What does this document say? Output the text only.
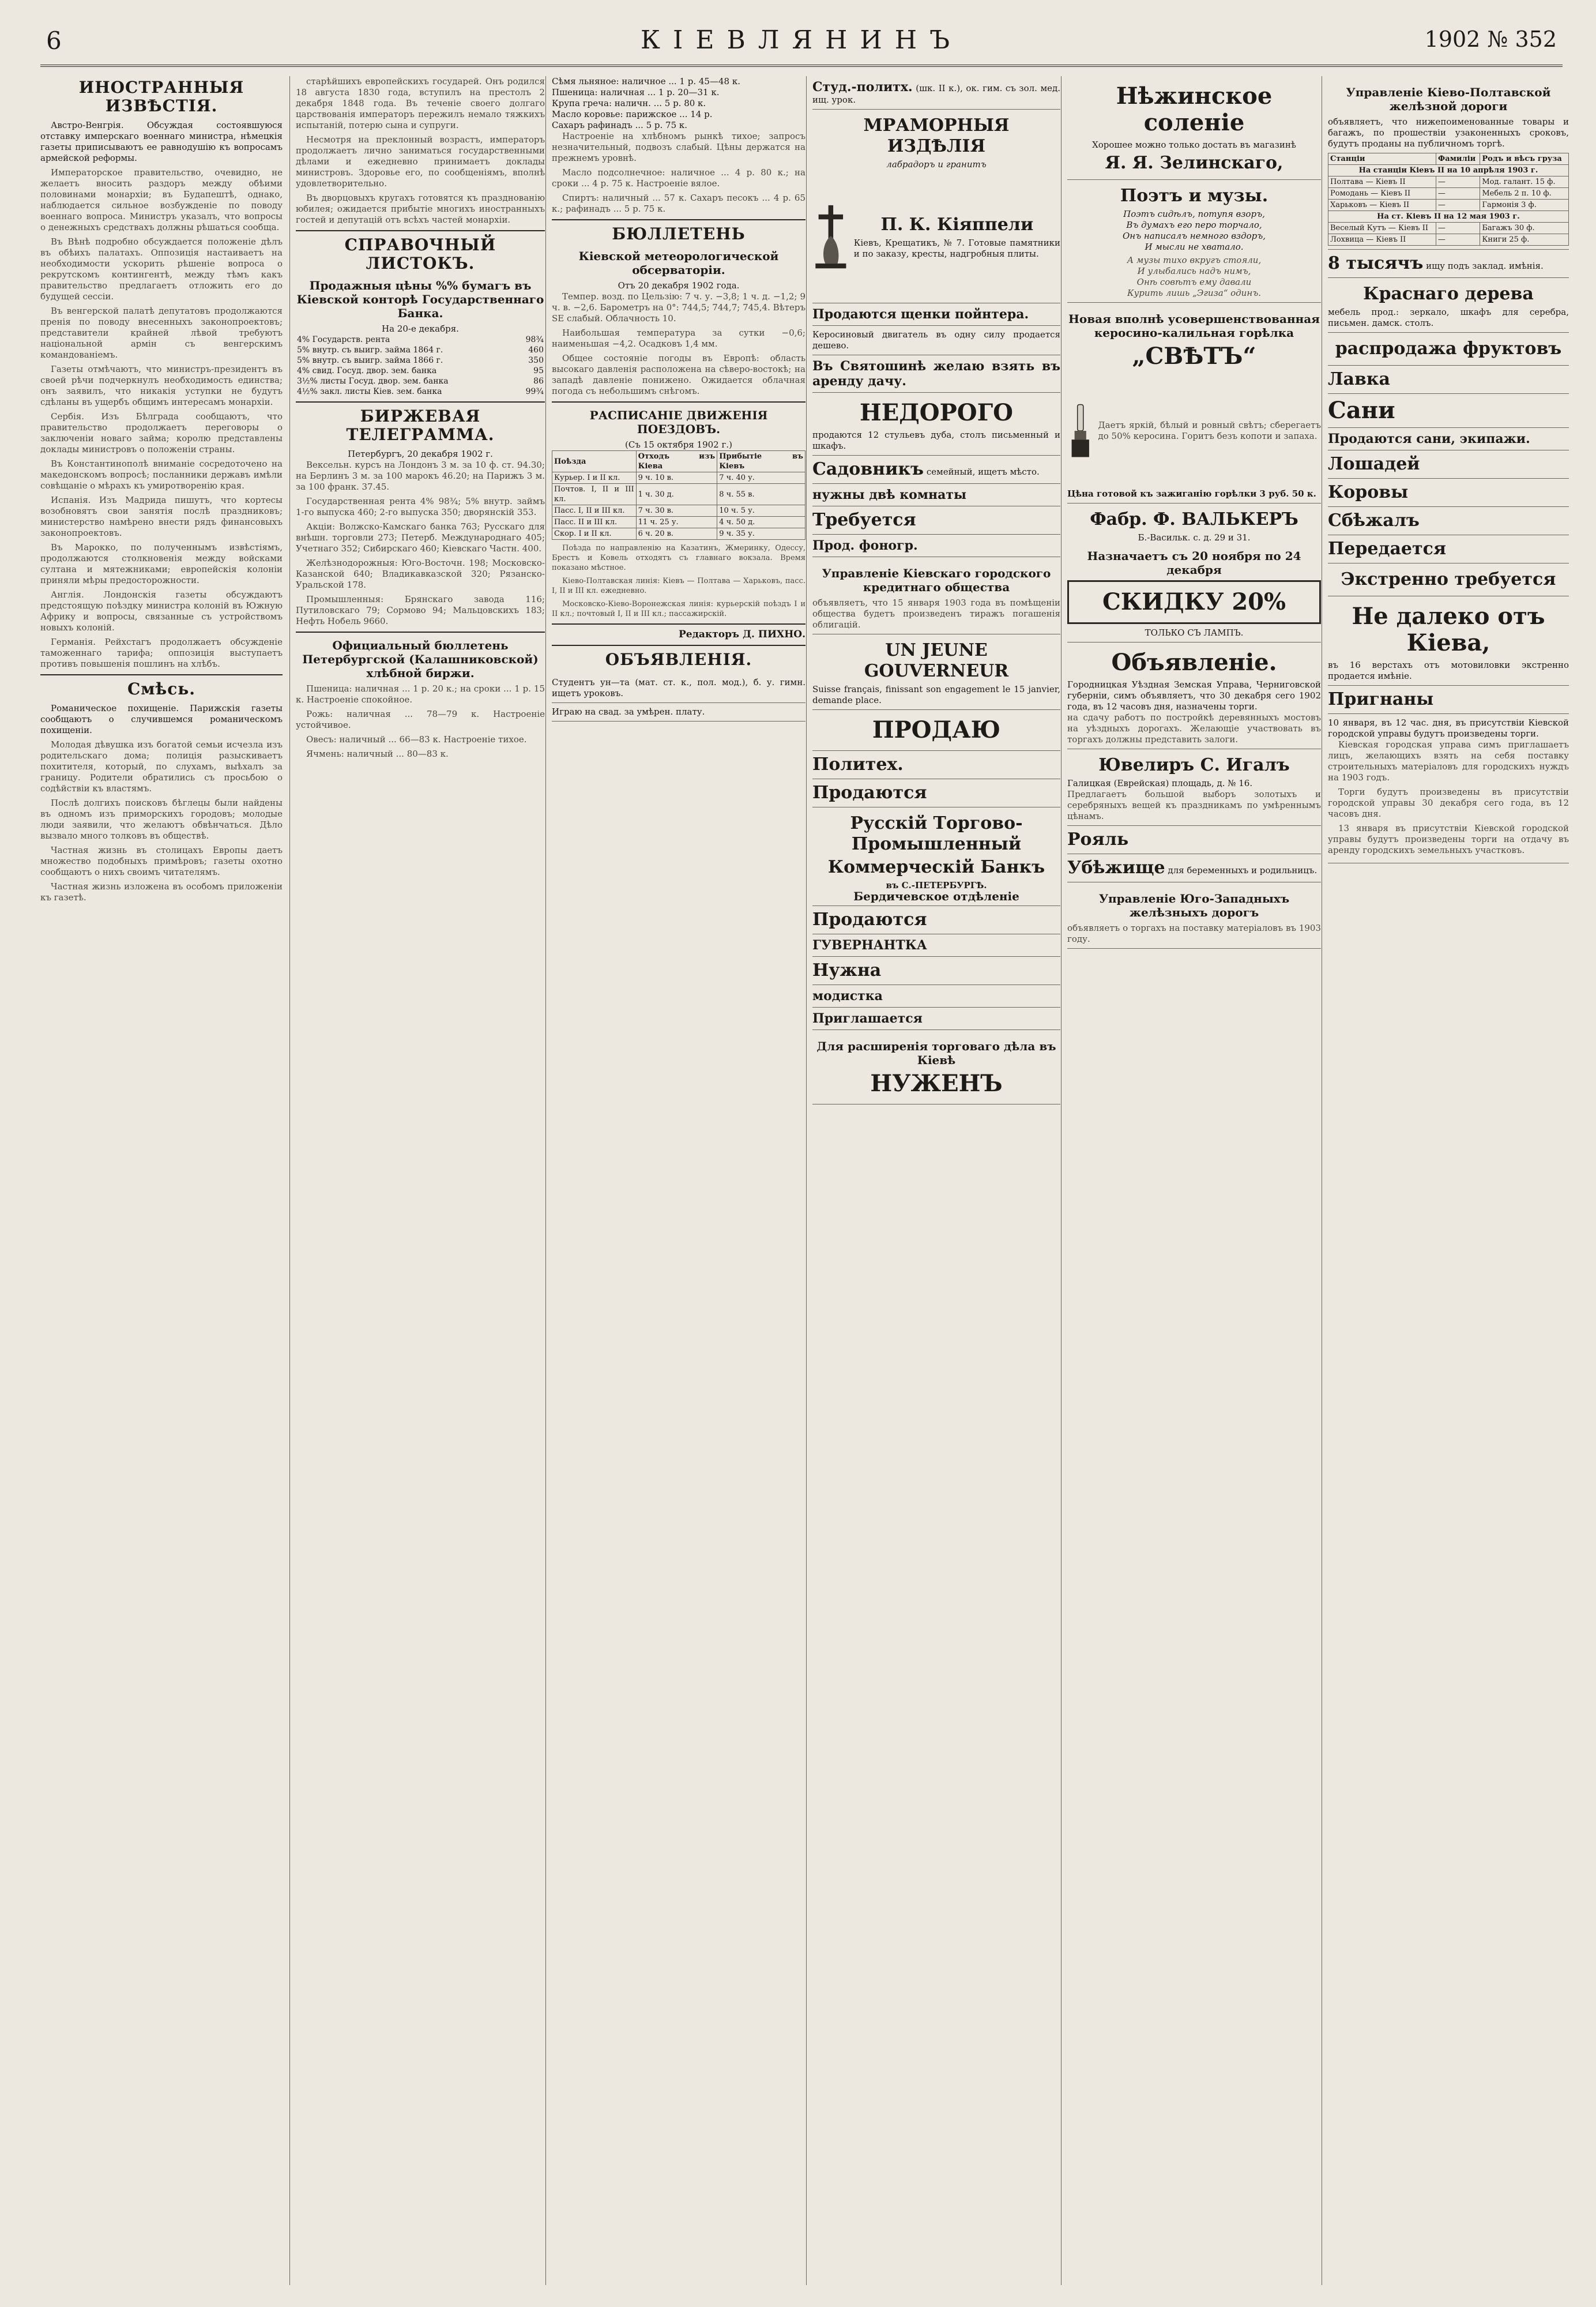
6	КІЕВЛЯНИНЪ	1902 № 352
ИНОСТРАННЫЯ ИЗВѢСТІЯ.

Австро-Венгрія. Обсуждая состоявшуюся отставку имперскаго военнаго министра, нѣмецкія газеты приписываютъ ее равнодушію къ вопросамъ армейской реформы.

Императорское правительство, очевидно, не желаетъ вносить раздоръ между обѣими половинами монархіи; въ Будапештѣ, однако, наблюдается сильное возбужденіе по поводу военнаго вопроса. Министръ указалъ, что вопросы о денежныхъ средствахъ должны рѣшаться сообща.

Въ Вѣнѣ подробно обсуждается положеніе дѣлъ въ обѣихъ палатахъ. Оппозиція настаиваетъ на необходимости ускорить рѣшеніе вопроса о рекрутскомъ контингентѣ, между тѣмъ какъ правительство предлагаетъ отложить его до будущей сессіи.

Въ венгерской палатѣ депутатовъ продолжаются пренія по поводу внесенныхъ законопроектовъ; представители крайней лѣвой требуютъ національной армін съ венгерскимъ командованіемъ.

Газеты отмѣчаютъ, что министръ-президентъ въ своей рѣчи подчеркнулъ необходимость единства; онъ заявилъ, что никакія уступки не будутъ сдѣланы въ ущербъ общимъ интересамъ монархіи.

Сербія. Изъ Бѣлграда сообщаютъ, что правительство продолжаетъ переговоры о заключеніи новаго займа; королю представлены доклады министровъ о положеніи страны.

Въ Константинополѣ вниманіе сосредоточено на македонскомъ вопросѣ; посланники державъ имѣли совѣщаніе о мѣрахъ къ умиротворенію края.

Испанія. Изъ Мадрида пишутъ, что кортесы возобновятъ свои занятія послѣ праздниковъ; министерство намѣрено внести рядъ финансовыхъ законопроектовъ.

Въ Марокко, по полученнымъ извѣстіямъ, продолжаются столкновенія между войсками султана и мятежниками; европейскія колоніи приняли мѣры предосторожности.

Англія. Лондонскія газеты обсуждаютъ предстоящую поѣздку министра колоній въ Южную Африку и вопросы, связанные съ устройствомъ новыхъ колоній.

Германія. Рейхстагъ продолжаетъ обсужденіе таможеннаго тарифа; оппозиція выступаетъ противъ повышенія пошлинъ на хлѣбъ.

Смѣсь.

Романическое похищеніе. Парижскія газеты сообщаютъ о случившемся романическомъ похищеніи.

Молодая дѣвушка изъ богатой семьи исчезла изъ родительскаго дома; полиція разыскиваетъ похитителя, который, по слухамъ, выѣхалъ за границу. Родители обратились съ просьбою о содѣйствіи къ властямъ.

Послѣ долгихъ поисковъ бѣглецы были найдены въ одномъ изъ приморскихъ городовъ; молодые люди заявили, что желаютъ обвѣнчаться. Дѣло вызвало много толковъ въ обществѣ.

Частная жизнь въ столицахъ Европы даетъ множество подобныхъ примѣровъ; газеты охотно сообщаютъ о нихъ своимъ читателямъ.

Частная жизнь изложена въ особомъ приложеніи къ газетѣ.

старѣйшихъ европейскихъ государей. Онъ родился 18 августа 1830 года, вступилъ на престолъ 2 декабря 1848 года. Въ теченіе своего долгаго царствованія императоръ пережилъ немало тяжкихъ испытаній, потерю сына и супруги.

Несмотря на преклонный возрастъ, императоръ продолжаетъ лично заниматься государственными дѣлами и ежедневно принимаетъ доклады министровъ. Здоровье его, по сообщеніямъ, вполнѣ удовлетворительно.

Въ дворцовыхъ кругахъ готовятся къ празднованію юбилея; ожидается прибытіе многихъ иностранныхъ гостей и депутацій отъ всѣхъ частей монархіи.

СПРАВОЧНЫЙ ЛИСТОКЪ.
Продажныя цѣны %% бумагъ въ Кіевской конторѣ Государственнаго Банка.
На 20-е декабря.
4% Государств. рента	98¾
5% внутр. съ выигр. займа 1864 г.	460
5% внутр. съ выигр. займа 1866 г.	350
4% свид. Госуд. двор. зем. банка	95
3½% листы Госуд. двор. зем. банка	86
4½% закл. листы Кіев. зем. банка	99¾
БИРЖЕВАЯ ТЕЛЕГРАММА.
Петербургъ, 20 декабря 1902 г.

Вексельн. курсъ на Лондонъ 3 м. за 10 ф. ст. 94.30; на Берлинъ 3 м. за 100 марокъ 46.20; на Парижъ 3 м. за 100 франк. 37.45.

Государственная рента 4% 98¾; 5% внутр. займъ 1-го выпуска 460; 2-го выпуска 350; дворянскій 353.

Акціи: Волжско-Камскаго банка 763; Русскаго для внѣшн. торговли 273; Петерб. Международнаго 405; Учетнаго 352; Сибирскаго 460; Кіевскаго Частн. 400.

Желѣзнодорожныя: Юго-Восточн. 198; Московско-Казанской 640; Владикавказской 320; Рязанско-Уральской 178.

Промышленныя: Брянскаго завода 116; Путиловскаго 79; Сормово 94; Мальцовскихъ 183; Нефть Нобель 9660.

Официальный бюллетень Петербургской (Калашниковской) хлѣбной биржи.

Пшеница: наличная ... 1 р. 20 к.; на сроки ... 1 р. 15 к. Настроеніе спокойное.

Рожь: наличная ... 78—79 к. Настроеніе устойчивое.

Овесъ: наличный ... 66—83 к. Настроеніе тихое.

Ячмень: наличный ... 80—83 к.

Сѣмя льняное: наличное ... 1 р. 45—48 к.
Пшеница: наличная ... 1 р. 20—31 к.
Крупа греча: наличн. ... 5 р. 80 к.
Масло коровье: парижское ... 14 р.
Сахаръ рафинадъ ... 5 р. 75 к.

Настроеніе на хлѣбномъ рынкѣ тихое; запросъ незначительный, подвозъ слабый. Цѣны держатся на прежнемъ уровнѣ.

Масло подсолнечное: наличное ... 4 р. 80 к.; на сроки ... 4 р. 75 к. Настроеніе вялое.

Спиртъ: наличный ... 57 к. Сахаръ песокъ ... 4 р. 65 к.; рафинадъ ... 5 р. 75 к.

БЮЛЛЕТЕНЬ
Кіевской метеорологической обсерваторіи.
Отъ 20 декабря 1902 года.

Темпер. возд. по Цельзію: 7 ч. у. −3,8; 1 ч. д. −1,2; 9 ч. в. −2,6. Барометръ на 0°: 744,5; 744,7; 745,4. Вѣтеръ SE слабый. Облачность 10.

Наибольшая температура за сутки −0,6; наименьшая −4,2. Осадковъ 1,4 мм.

Общее состояніе погоды въ Европѣ: область высокаго давленія расположена на сѣверо-востокѣ; на западѣ давленіе понижено. Ожидается облачная погода съ небольшимъ снѣгомъ.

РАСПИСАНІЕ ДВИЖЕНІЯ ПОЕЗДОВЪ.
(Съ 15 октября 1902 г.)
Поѣзда	Отходъ изъ Кіева	Прибытіе въ Кіевъ
Курьер. I и II кл.	9 ч. 10 в.	7 ч. 40 у.
Почтов. I, II и III кл.	1 ч. 30 д.	8 ч. 55 в.
Пасс. I, II и III кл.	7 ч. 30 в.	10 ч. 5 у.
Пасс. II и III кл.	11 ч. 25 у.	4 ч. 50 д.
Скор. I и II кл.	6 ч. 20 в.	9 ч. 35 у.

Поѣзда по направленію на Казатинъ, Жмеринку, Одессу, Брестъ и Ковель отходятъ съ главнаго вокзала. Время показано мѣстное.

Кіево-Полтавская линія: Кіевъ — Полтава — Харьковъ, пасс. I, II и III кл. ежедневно.

Московско-Кіево-Воронежская линія: курьерскій поѣздъ I и II кл.; почтовый I, II и III кл.; пассажирскій.

Редакторъ Д. ПИХНО.
ОБЪЯВЛЕНІЯ.
Студентъ ун—та (мат. ст. к., пол. мод.), б. у. гимн. ищетъ уроковъ.
Играю на свад. за умѣрен. плату.
Студ.-политх. (шк. II к.), ок. гим. съ зол. мед. ищ. урок.
МРАМОРНЫЯ ИЗДѢЛІЯ
лабрадоръ и гранитъ
П. К. Кіяппели
Кіевъ, Крещатикъ, № 7. Готовые памятники и по заказу, кресты, надгробныя плиты.
Продаются щенки пойнтера.
Керосиновый двигатель въ одну силу продается дешево.
Въ Святошинѣ желаю взять въ аренду дачу.
НЕДОРОГО
продаются 12 стульевъ дуба, столъ письменный и шкафъ.
Садовникъ семейный, ищетъ мѣсто.
нужны двѣ комнаты
Требуется
Прод. фоногр.
Управленіе Кіевскаго городского кредитнаго общества
объявляетъ, что 15 января 1903 года въ помѣщеніи общества будетъ произведенъ тиражъ погашенія облигацій.
UN JEUNE GOUVERNEUR
Suisse français, finissant son engagement le 15 janvier, demande place.
ПРОДАЮ
Политех.
Продаются
Русскій Торгово-Промышленный
Коммерческій Банкъ
въ С.-ПЕТЕРБУРГѢ.
Бердичевское отдѣленіе
Продаются
ГУВЕРНАНТКА
Нужна
модистка
Приглашается
Для расширенія торговаго дѣла въ Кіевѣ
НУЖЕНЪ
Нѣжинское соленіе
Хорошее можно только достать въ магазинѣ
Я. Я. Зелинскаго,
Поэтъ и музы.
Поэтъ сидѣлъ, потупя взоръ,
Въ думахъ его перо торчало,
Онъ написалъ немного вздоръ,
И мысли не хватало.
А музы тихо вкругъ стояли,
И улыбались надъ нимъ,
Онѣ совѣтъ ему давали
Курить лишь „Эгиза“ одинъ.
Новая вполнѣ усовершенствованная керосино-калильная горѣлка
„СВѢТЪ“
Даетъ яркій, бѣлый и ровный свѣтъ; сберегаетъ до 50% керосина. Горитъ безъ копоти и запаха.
Цѣна готовой къ зажиганію горѣлки 3 руб. 50 к.
Фабр. Ф. ВАЛЬКЕРЪ
Б.-Васильк. с. д. 29 и 31.
Назначаетъ съ 20 ноября по 24 декабря
СКИДКУ 20%
ТОЛЬКО СЪ ЛАМПЪ.
Объявленіе.
Городницкая Уѣздная Земская Управа, Черниговской губерніи, симъ объявляетъ, что 30 декабря сего 1902 года, въ 12 часовъ дня, назначены торги.
на сдачу работъ по постройкѣ деревянныхъ мостовъ на уѣздныхъ дорогахъ. Желающіе участвовать въ торгахъ должны представить залоги.
Ювелиръ С. Игалъ
Галицкая (Еврейская) площадь, д. № 16.
Предлагаетъ большой выборъ золотыхъ и серебряныхъ вещей къ праздникамъ по умѣреннымъ цѣнамъ.
Рояль
Убѣжище для беременныхъ и родильницъ.
Управленіе Юго-Западныхъ желѣзныхъ дорогъ
объявляетъ о торгахъ на поставку матеріаловъ въ 1903 году.
Управленіе Кіево-Полтавской желѣзной дороги
объявляетъ, что нижепоименованные товары и багажъ, по прошествіи узаконенныхъ сроковъ, будутъ проданы на публичномъ торгѣ.
Станціи	Фамиліи	Родъ и вѣсъ груза
На станціи Кіевъ II на 10 апрѣля 1903 г.		
Полтава — Кіевъ II	—	Мод. галант. 15 ф.
Ромодань — Кіевъ II	—	Мебель 2 п. 10 ф.
Харьковъ — Кіевъ II	—	Гармонія 3 ф.
На ст. Кіевъ II на 12 мая 1903 г.		
Веселый Кутъ — Кіевъ II	—	Багажъ 30 ф.
Лохвица — Кіевъ II	—	Книги 25 ф.
8 тысячъ ищу подъ заклад. имѣнія.
Краснаго дерева
мебель прод.: зеркало, шкафъ для серебра, письмен. дамск. столъ.
распродажа фруктовъ
Лавка
Сани
Продаются сани, экипажи.
Лошадей
Коровы
Сбѣжалъ
Передается
Экстренно требуется
Не далеко отъ Кіева,
въ 16 верстахъ отъ мотовиловки экстренно продается имѣніе.
Пригнаны
10 января, въ 12 час. дня, въ присутствіи Кіевской городской управы будутъ произведены торги.

Кіевская городская управа симъ приглашаетъ лицъ, желающихъ взять на себя поставку строительныхъ матеріаловъ для городскихъ нуждъ на 1903 годъ.

Торги будутъ произведены въ присутствіи городской управы 30 декабря сего года, въ 12 часовъ дня.

13 января въ присутствіи Кіевской городской управы будутъ произведены торги на отдачу въ аренду городскихъ земельныхъ участковъ.
